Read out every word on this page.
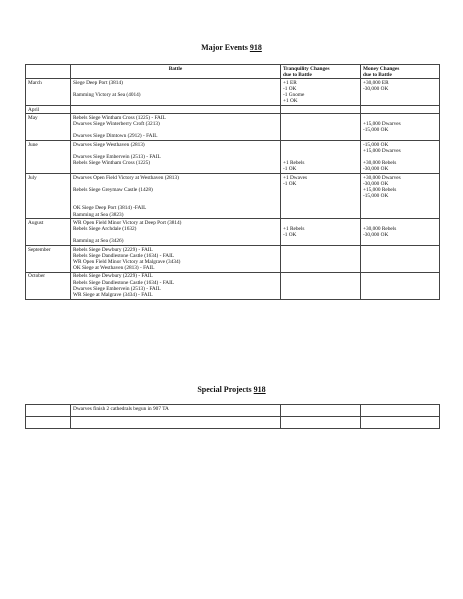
Major Events 918

	Battle	Tranquility Changes
due to Battle	Money Changes
due to Battle

March	Siege Deep Port (3814)
Ramming Victory at Sea (4014)	+1 ER
-1 OK
-1 Gnome
+1 OK	+30,000 ER
-30,000 OK

April			

May	Rebels Siege Wintham Cross (1225) - FAIL
Dwarves Siege Winterberry Croft (3213)
Dwarves Siege Dimtown (2912) - FAIL		+15,000 Dwarves
-15,000 OK

June	Dwarves Siege Westhaven (2813)
Dwarves Siege Embervein (2513) - FAIL
Rebels Siege Wintham Cross (1225)	+1 Rebels
-1 OK	-15,000 OK
+15,000 Dwarves
+30,000 Rebels
-30,000 OK

July	Dwarves Open Field Victory at Westhaven (2813)
Rebels Siege Greymaw Castle (1428)
OK Siege Deep Port (3814) -FAIL
Ramming at Sea (3823)	+1 Dwaves
-1 OK	+30,000 Dwarves
-30,000 OK
+15,000 Rebels
-15,000 OK

August	WR Open Field Minor Victory at Deep Port (3814)
Rebels Siege Archdale (1632)
Ramming at Sea (3426)	+1 Rebels
-1 OK	+30,000 Rebels
-30,000 OK

September	Rebels Siege Dewbury (2229) - FAIL
Rebels Siege Dandlestone Castle (1634) - FAIL
WR Open Field Minor Victory at Malgrave (3434)
OK Siege at Westhaven (2813) - FAIL		

October	Rebels Siege Dewbury (2229) - FAIL
Rebels Siege Dandlestone Castle (1634) - FAIL
Dwarves Siege Embervein (2513) - FAIL
WR Siege at Malgrave (3434) - FAIL		

Special Projects 918

	Dwarves finish 2 cathedrals begun in 907 TA		
